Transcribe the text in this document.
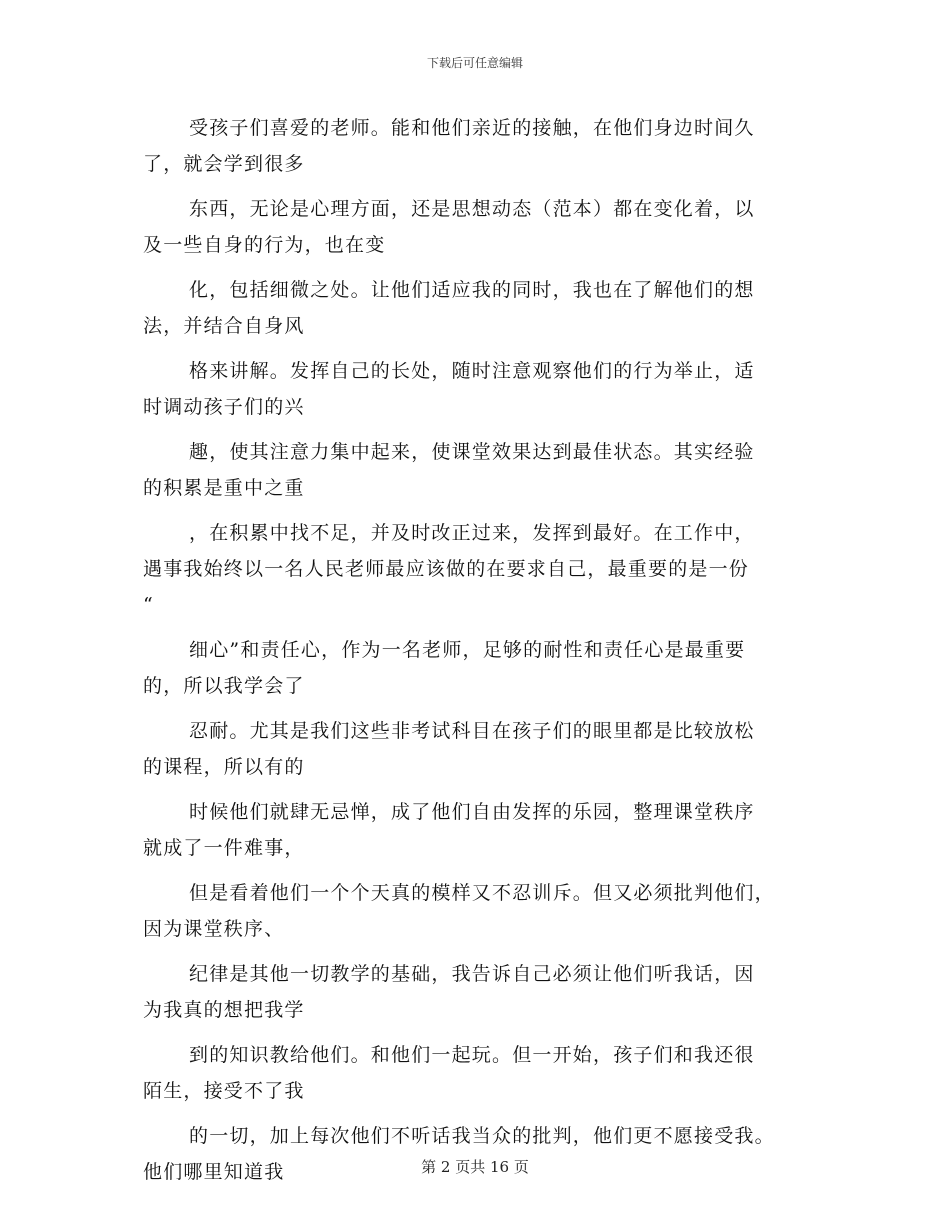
下载后可任意编辑
受孩子们喜爱的老师。能和他们亲近的接触，在他们身边时间久
了，就会学到很多
东西，无论是心理方面，还是思想动态（范本）都在变化着，以
及一些自身的行为，也在变
化，包括细微之处。让他们适应我的同时，我也在了解他们的想
法，并结合自身风
格来讲解。发挥自己的长处，随时注意观察他们的行为举止，适
时调动孩子们的兴
趣，使其注意力集中起来，使课堂效果达到最佳状态。其实经验
的积累是重中之重
，在积累中找不足，并及时改正过来，发挥到最好。在工作中，
遇事我始终以一名人民老师最应该做的在要求自己，最重要的是一份
“
细心”和责任心，作为一名老师，足够的耐性和责任心是最重要
的，所以我学会了
忍耐。尤其是我们这些非考试科目在孩子们的眼里都是比较放松
的课程，所以有的
时候他们就肆无忌惮，成了他们自由发挥的乐园，整理课堂秩序
就成了一件难事，
但是看着他们一个个天真的模样又不忍训斥。但又必须批判他们，
因为课堂秩序、
纪律是其他一切教学的基础，我告诉自己必须让他们听我话，因
为我真的想把我学
到的知识教给他们。和他们一起玩。但一开始，孩子们和我还很
陌生，接受不了我
的一切，加上每次他们不听话我当众的批判，他们更不愿接受我。
他们哪里知道我	第 2 页共 16 页
